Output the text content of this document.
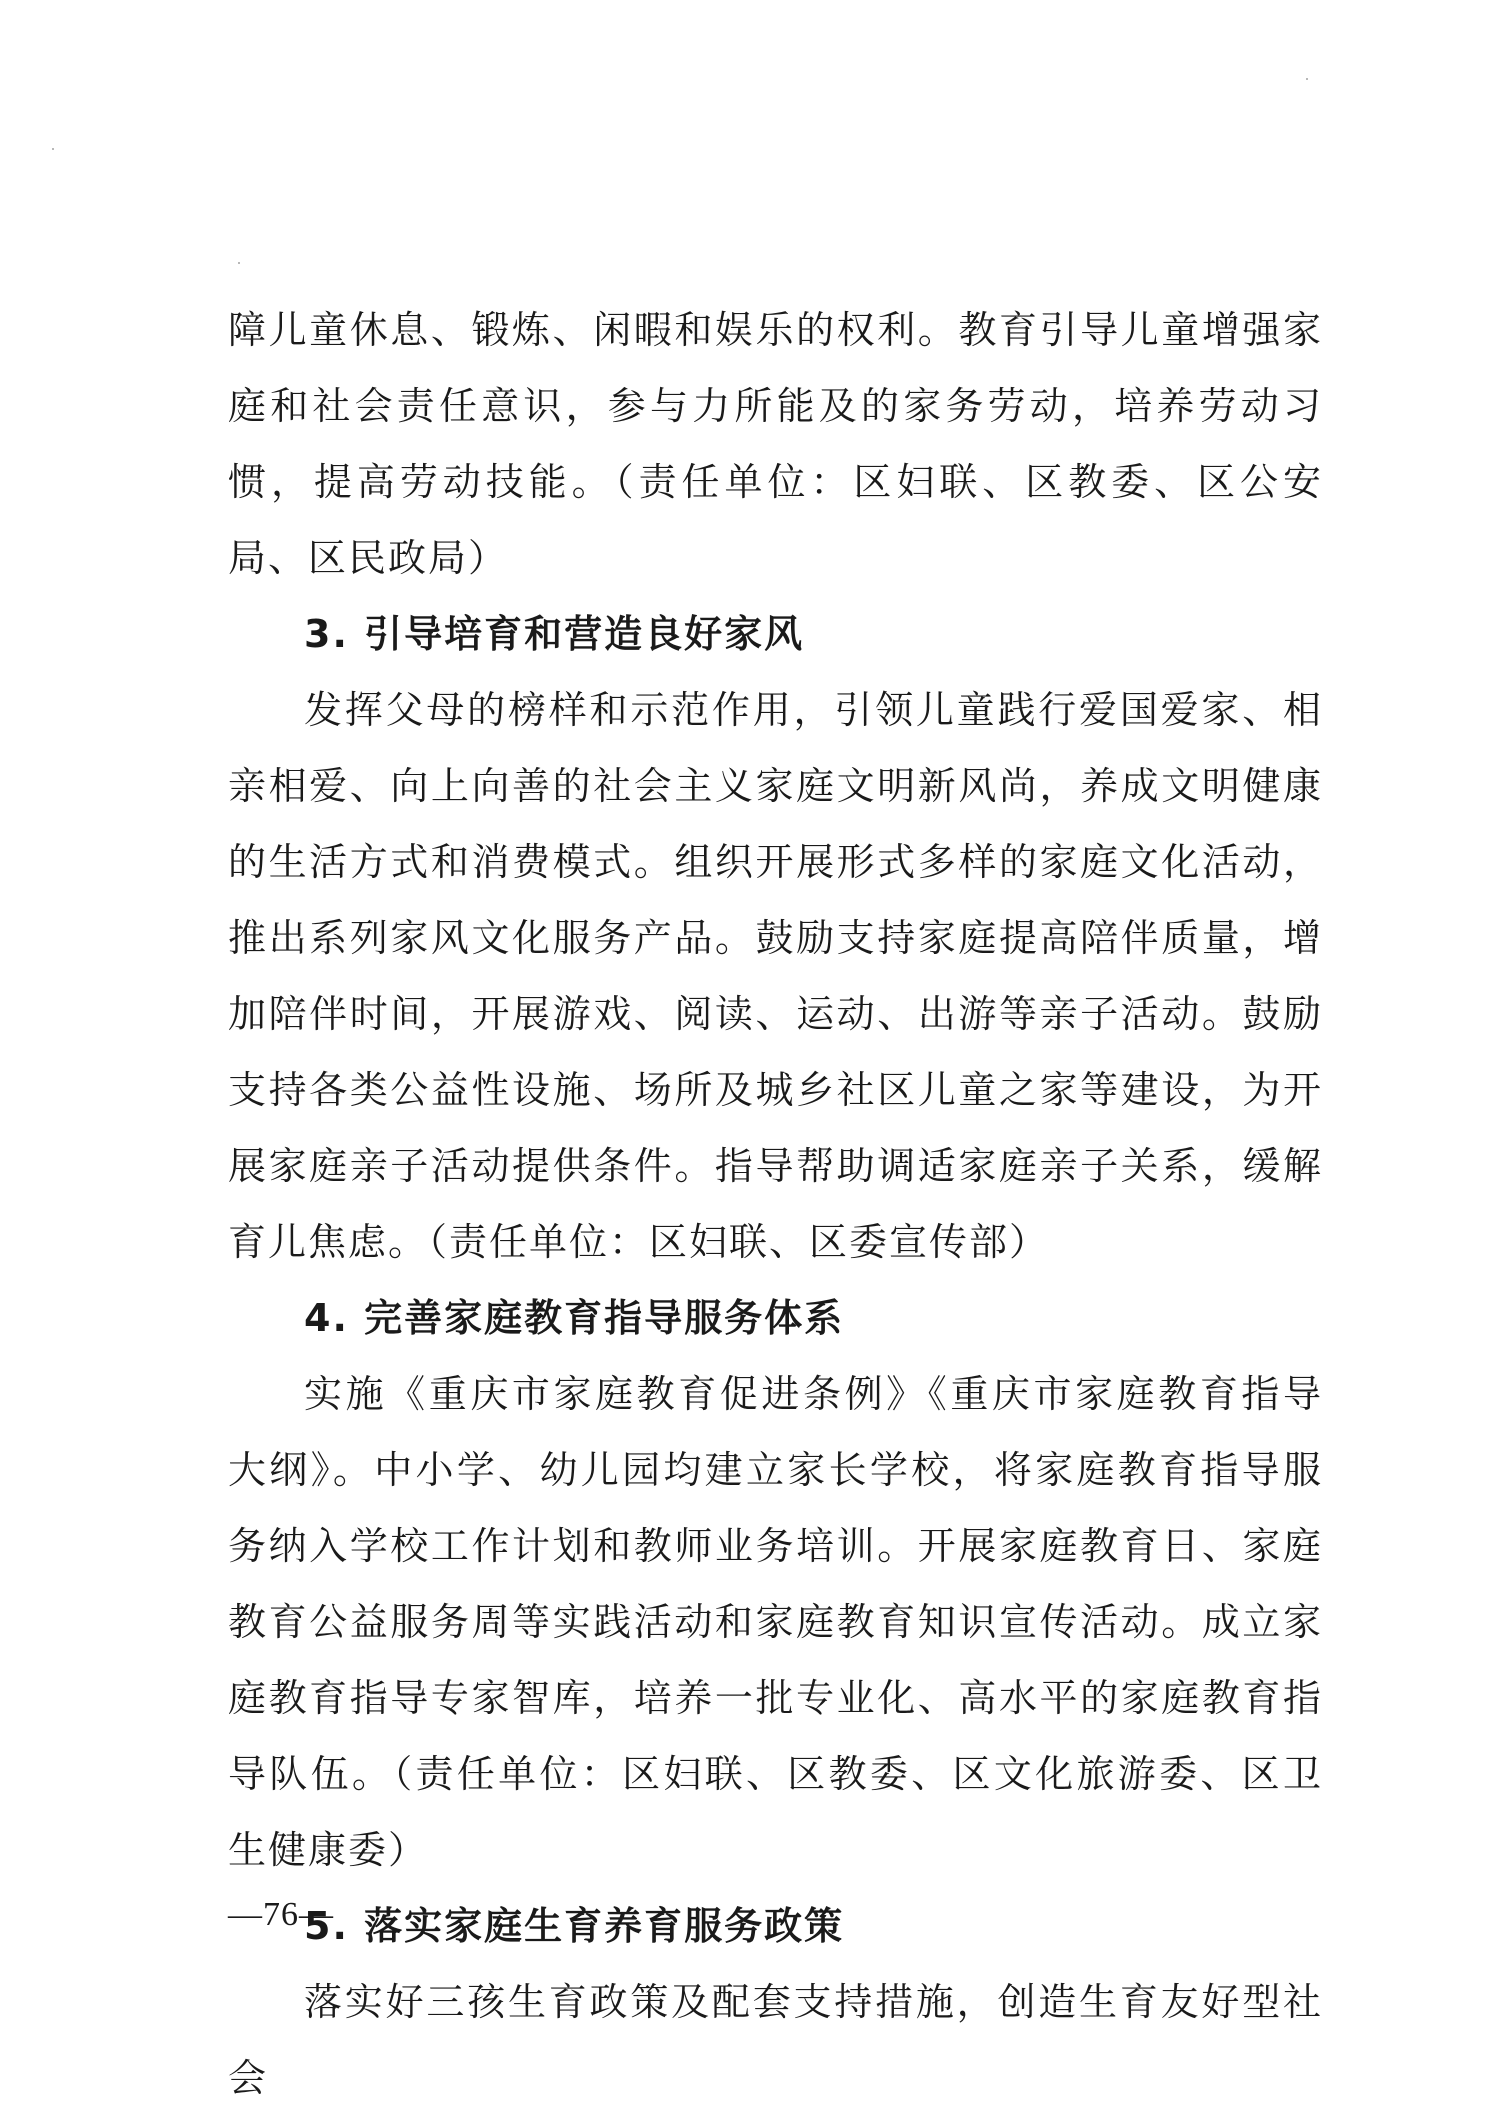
障儿童休息、锻炼、闲暇和娱乐的权利。教育引导儿童增强家庭和社会责任意识，参与力所能及的家务劳动，培养劳动习惯，提高劳动技能。（责任单位：区妇联、区教委、区公安局、区民政局）

3. 引导培育和营造良好家风

发挥父母的榜样和示范作用，引领儿童践行爱国爱家、相亲相爱、向上向善的社会主义家庭文明新风尚，养成文明健康的生活方式和消费模式。组织开展形式多样的家庭文化活动，推出系列家风文化服务产品。鼓励支持家庭提高陪伴质量，增加陪伴时间，开展游戏、阅读、运动、出游等亲子活动。鼓励支持各类公益性设施、场所及城乡社区儿童之家等建设，为开展家庭亲子活动提供条件。指导帮助调适家庭亲子关系，缓解育儿焦虑。（责任单位：区妇联、区委宣传部）

4. 完善家庭教育指导服务体系

实施《重庆市家庭教育促进条例》《重庆市家庭教育指导大纲》。中小学、幼儿园均建立家长学校，将家庭教育指导服务纳入学校工作计划和教师业务培训。开展家庭教育日、家庭教育公益服务周等实践活动和家庭教育知识宣传活动。成立家庭教育指导专家智库，培养一批专业化、高水平的家庭教育指导队伍。（责任单位：区妇联、区教委、区文化旅游委、区卫生健康委）

5. 落实家庭生育养育服务政策

落实好三孩生育政策及配套支持措施，创造生育友好型社会

—76—
